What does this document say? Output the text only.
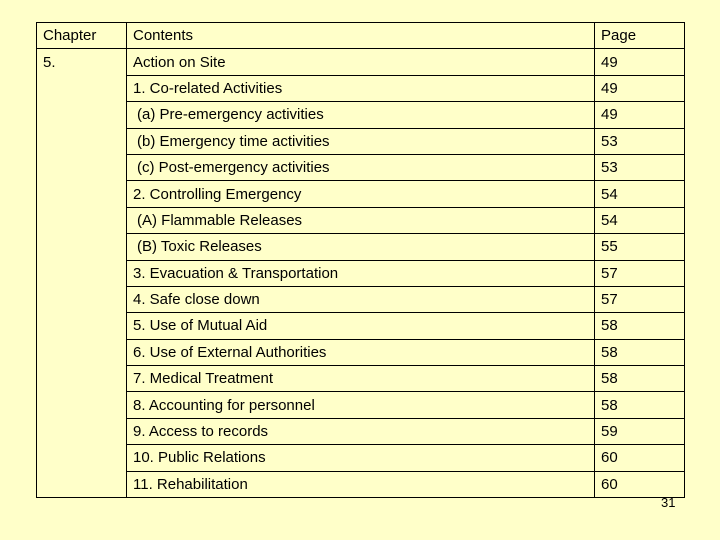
Chapter	Contents	Page
5.	Action on Site	49
	1. Co-related Activities	49
	(a) Pre-emergency activities	49
	(b) Emergency time activities	53
	(c) Post-emergency activities	53
	2. Controlling Emergency	54
	(A) Flammable Releases	54
	(B) Toxic Releases	55
	3. Evacuation & Transportation	57
	4. Safe close down	57
	5. Use of Mutual Aid	58
	6. Use of External Authorities	58
	7. Medical Treatment	58
	8. Accounting for personnel	58
	9. Access to records	59
	10. Public Relations	60
	11. Rehabilitation	60
31
